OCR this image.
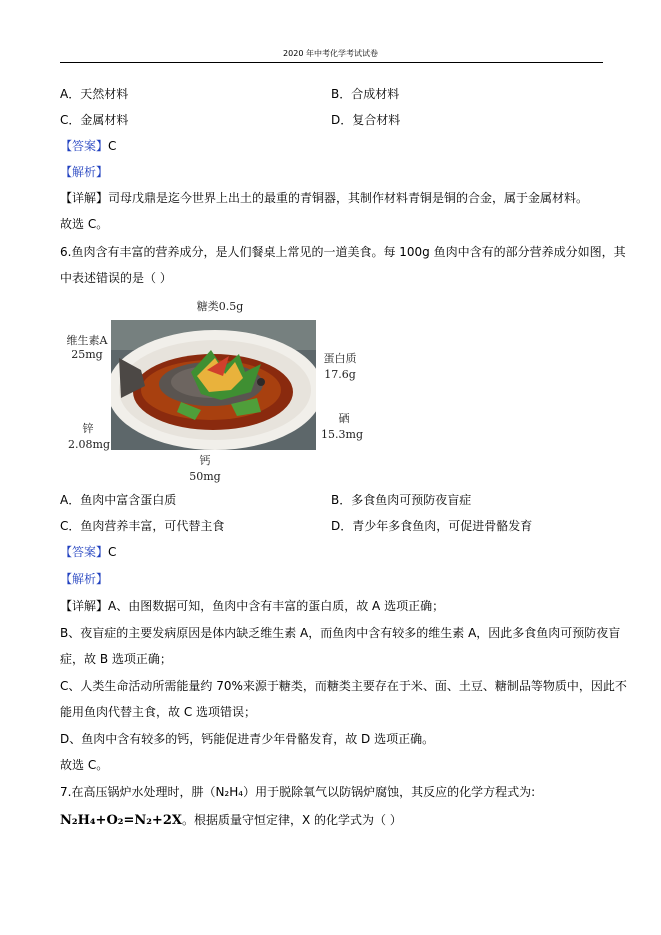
2020 年中考化学考试试卷
A．天然材料	B．合成材料
C．金属材料	D．复合材料
【答案】C
【解析】
【详解】司母戊鼎是迄今世界上出土的最重的青铜器，其制作材料青铜是铜的合金，属于金属材料。
故选 C。
6.鱼肉含有丰富的营养成分，是人们餐桌上常见的一道美食。每 100g 鱼肉中含有的部分营养成分如图，其
中表述错误的是（ ）
糖类0.5g
维生素A
25mg	蛋白质
17.6g
锌
2.08mg
硒
15.3mg
钙
50mg
A．鱼肉中富含蛋白质	B．多食鱼肉可预防夜盲症
C．鱼肉营养丰富，可代替主食	D．青少年多食鱼肉，可促进骨骼发育
【答案】C
【解析】
【详解】A、由图数据可知，鱼肉中含有丰富的蛋白质，故 A 选项正确；
B、夜盲症的主要发病原因是体内缺乏维生素 A，而鱼肉中含有较多的维生素 A，因此多食鱼肉可预防夜盲
症，故 B 选项正确；
C、人类生命活动所需能量约 70%来源于糖类，而糖类主要存在于米、面、土豆、糖制品等物质中，因此不
能用鱼肉代替主食，故 C 选项错误；
D、鱼肉中含有较多的钙，钙能促进青少年骨骼发育，故 D 选项正确。
故选 C。
7.在高压锅炉水处理时，肼（N₂H₄）用于脱除氧气以防锅炉腐蚀，其反应的化学方程式为:
N₂H₄+O₂=N₂+2X。根据质量守恒定律，X 的化学式为（ ）
